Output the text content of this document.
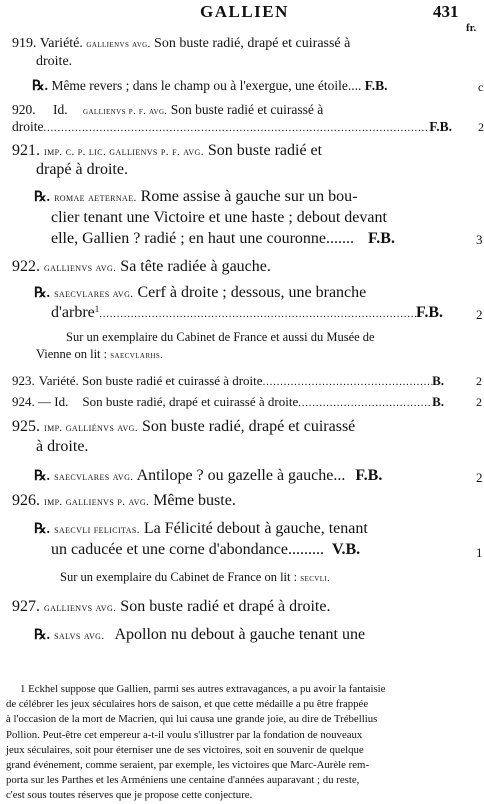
GALLIEN	431
fr.
919. Variété. gallienvs avg. Son buste radié, drapé et cuirassé à
droite.
℞. Même revers ; dans le champ ou à l'exergue, une étoile.... F.B.	c
920. Id. gallienvs p. f. avg. Son buste radié et cuirassé à
droite . . .	F.B. 2
921. imp. c. p. lic. gallienvs p. f. avg. Son buste radié et
drapé à droite.
℞. romae aeternae. Rome assise à gauche sur un bou-
clier tenant une Victoire et une haste ; debout devant
elle, Gallien ? radié ; en haut une couronne....... F.B.	3
922. gallienvs avg. Sa tête radiée à gauche.
℞. saecvlares avg. Cerf à droite ; dessous, une branche
d'arbre 1 . . .	F.B.	2
Sur un exemplaire du Cabinet de France et aussi du Musée de
Vienne on lit : saecvlarhs.
923. Variété. Son buste radié et cuirassé à droite . . .	B.	2
924. — Id. Son buste radié, drapé et cuirassé à droite . . .	B.	2
925. imp. galliénvs avg. Son buste radié, drapé et cuirassé
à droite.
℞. saecvlares avg. Antilope ? ou gazelle à gauche... F.B.	2
926. imp. gallienvs p. avg. Même buste.
℞. saecvli felicitas. La Félicité debout à gauche, tenant
un caducée et une corne d'abondance......... V.B.	1
Sur un exemplaire du Cabinet de France on lit : secvli.
927. gallienvs avg. Son buste radié et drapé à droite.
℞. salvs avg. Apollon nu debout à gauche tenant une
1 Eckhel suppose que Gallien, parmi ses autres extravagances, a pu avoir la fantaisie
de célébrer les jeux séculaires hors de saison, et que cette médaille a pu être frappée
à l'occasion de la mort de Macrien, qui lui causa une grande joie, au dire de Trébellius
Pollion. Peut-être cet empereur a-t-il voulu s'illustrer par la fondation de nouveaux
jeux séculaires, soit pour éterniser une de ses victoires, soit en souvenir de quelque
grand événement, comme seraient, par exemple, les victoires que Marc-Aurèle rem-
porta sur les Parthes et les Arméniens une centaine d'années auparavant ; du reste,
c'est sous toutes réserves que je propose cette conjecture.
